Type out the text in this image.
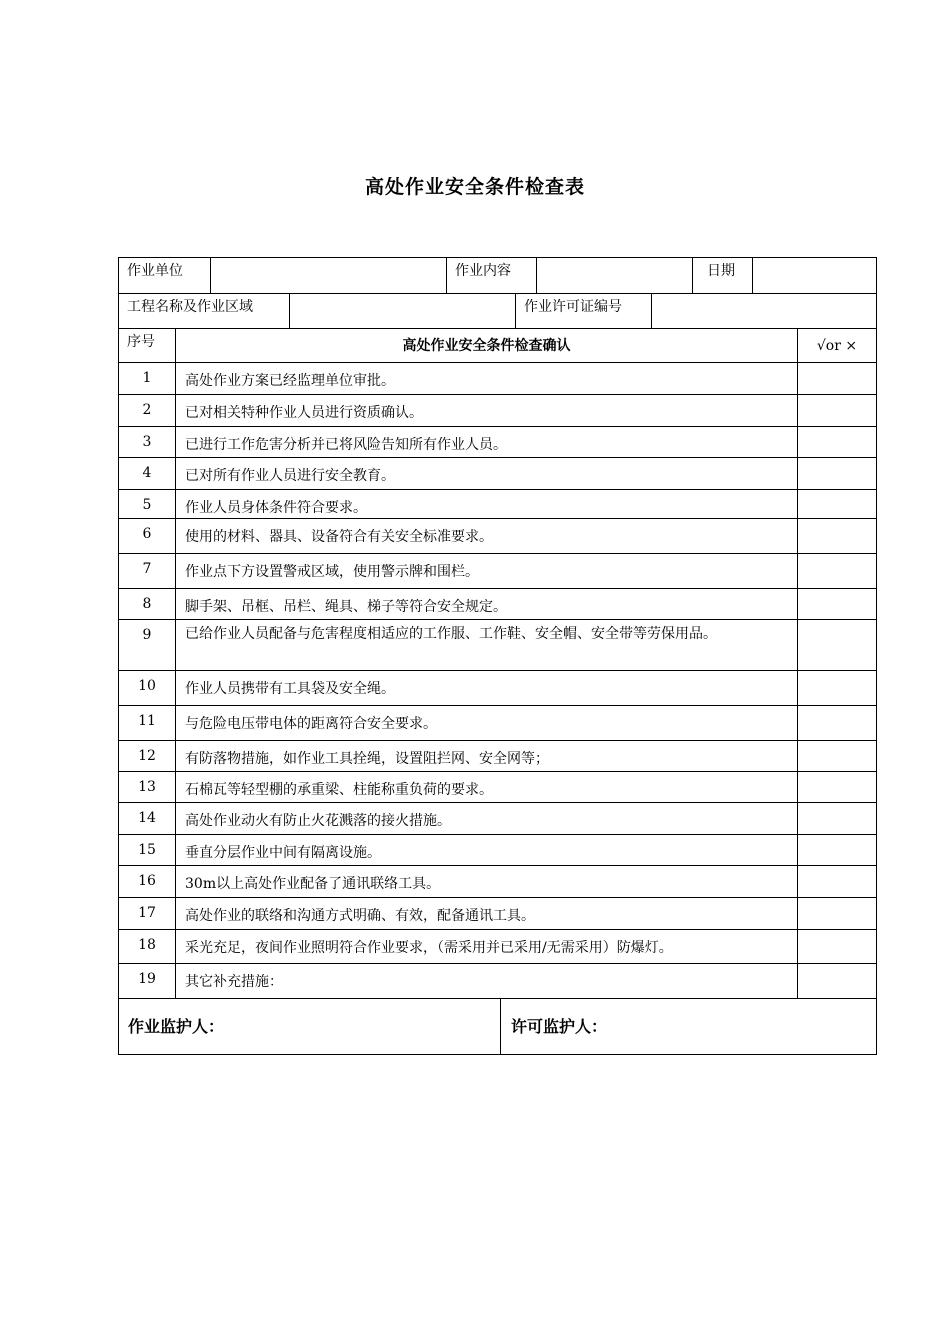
高处作业安全条件检查表
作业单位	作业内容	日期
工程名称及作业区域	作业许可证编号
序号	高处作业安全条件检查确认	√or ×
1	高处作业方案已经监理单位审批。
2	已对相关特种作业人员进行资质确认。
3	已进行工作危害分析并已将风险告知所有作业人员。
4	已对所有作业人员进行安全教育。
5	作业人员身体条件符合要求。
6	使用的材料、器具、设备符合有关安全标准要求。
7	作业点下方设置警戒区域，使用警示牌和围栏。
8	脚手架、吊框、吊栏、绳具、梯子等符合安全规定。
9	已给作业人员配备与危害程度相适应的工作服、工作鞋、安全帽、安全带等劳保用品。
10	作业人员携带有工具袋及安全绳。
11	与危险电压带电体的距离符合安全要求。
12	有防落物措施，如作业工具拴绳，设置阻拦网、安全网等；
13	石棉瓦等轻型棚的承重梁、柱能称重负荷的要求。
14	高处作业动火有防止火花溅落的接火措施。
15	垂直分层作业中间有隔离设施。
16	30m以上高处作业配备了通讯联络工具。
17	高处作业的联络和沟通方式明确、有效，配备通讯工具。
18	采光充足，夜间作业照明符合作业要求，（需采用并已采用/无需采用）防爆灯。
19	其它补充措施：
作业监护人：	许可监护人：
